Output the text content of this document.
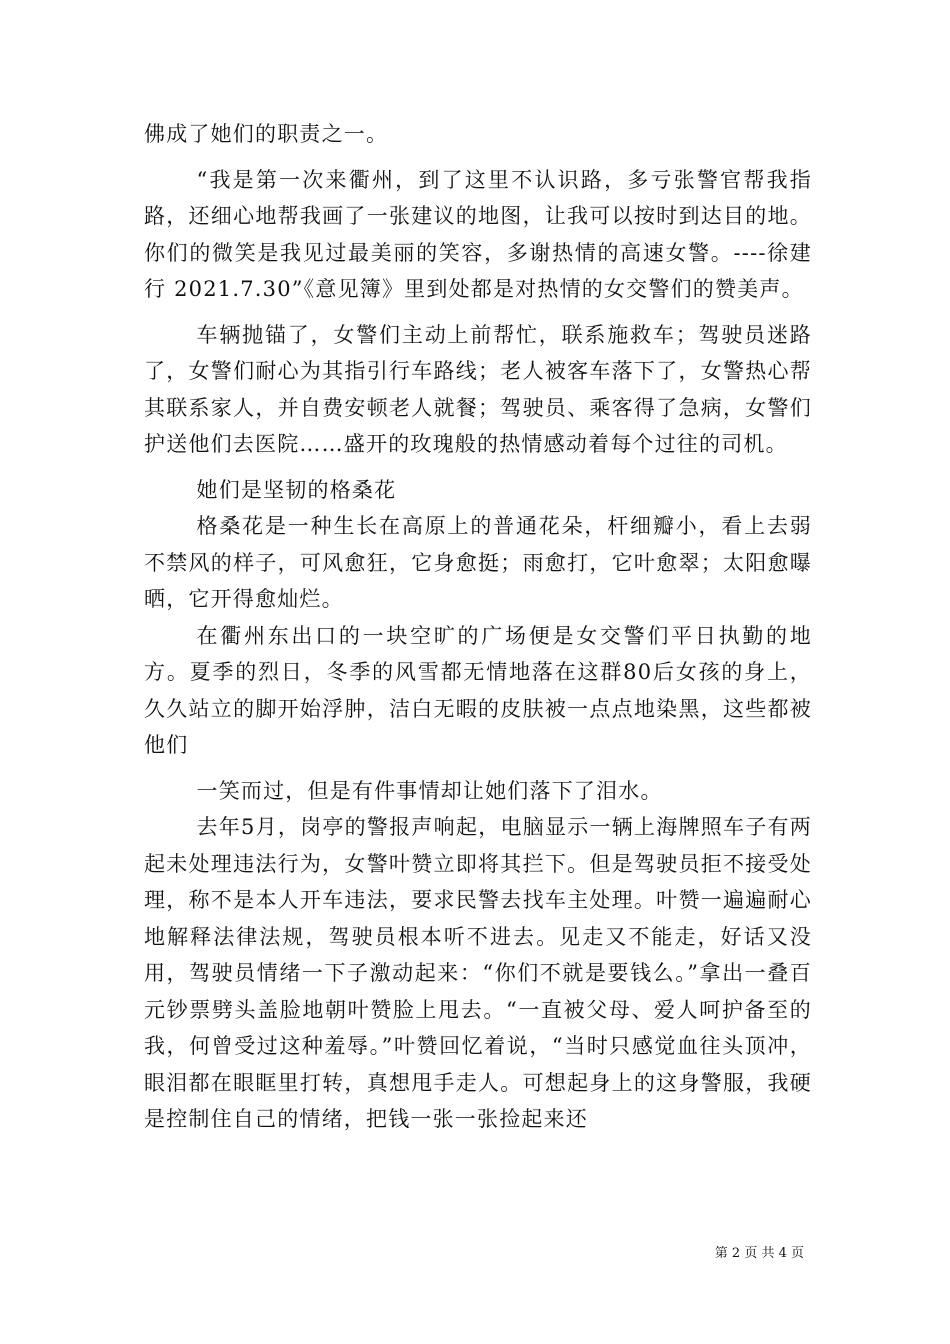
佛成了她们的职责之一。

“我是第一次来衢州，到了这里不认识路，多亏张警官帮我指路，还细心地帮我画了一张建议的地图，让我可以按时到达目的地。你们的微笑是我见过最美丽的笑容，多谢热情的高速女警。----徐建行 2021.7.30”《意见簿》里到处都是对热情的女交警们的赞美声。

车辆抛锚了，女警们主动上前帮忙，联系施救车；驾驶员迷路了，女警们耐心为其指引行车路线；老人被客车落下了，女警热心帮其联系家人，并自费安顿老人就餐；驾驶员、乘客得了急病，女警们护送他们去医院……盛开的玫瑰般的热情感动着每个过往的司机。

她们是坚韧的格桑花

格桑花是一种生长在高原上的普通花朵，杆细瓣小，看上去弱不禁风的样子，可风愈狂，它身愈挺；雨愈打，它叶愈翠；太阳愈曝晒，它开得愈灿烂。

在衢州东出口的一块空旷的广场便是女交警们平日执勤的地方。夏季的烈日，冬季的风雪都无情地落在这群80后女孩的身上，久久站立的脚开始浮肿，洁白无暇的皮肤被一点点地染黑，这些都被他们

一笑而过，但是有件事情却让她们落下了泪水。

去年5月，岗亭的警报声响起，电脑显示一辆上海牌照车子有两起未处理违法行为，女警叶赞立即将其拦下。但是驾驶员拒不接受处理，称不是本人开车违法，要求民警去找车主处理。叶赞一遍遍耐心地解释法律法规，驾驶员根本听不进去。见走又不能走，好话又没用，驾驶员情绪一下子激动起来：“你们不就是要钱么。”拿出一叠百元钞票劈头盖脸地朝叶赞脸上甩去。“一直被父母、爱人呵护备至的我，何曾受过这种羞辱。”叶赞回忆着说，“当时只感觉血往头顶冲，眼泪都在眼眶里打转，真想甩手走人。可想起身上的这身警服，我硬是控制住自己的情绪，把钱一张一张捡起来还

第 2 页 共 4 页
